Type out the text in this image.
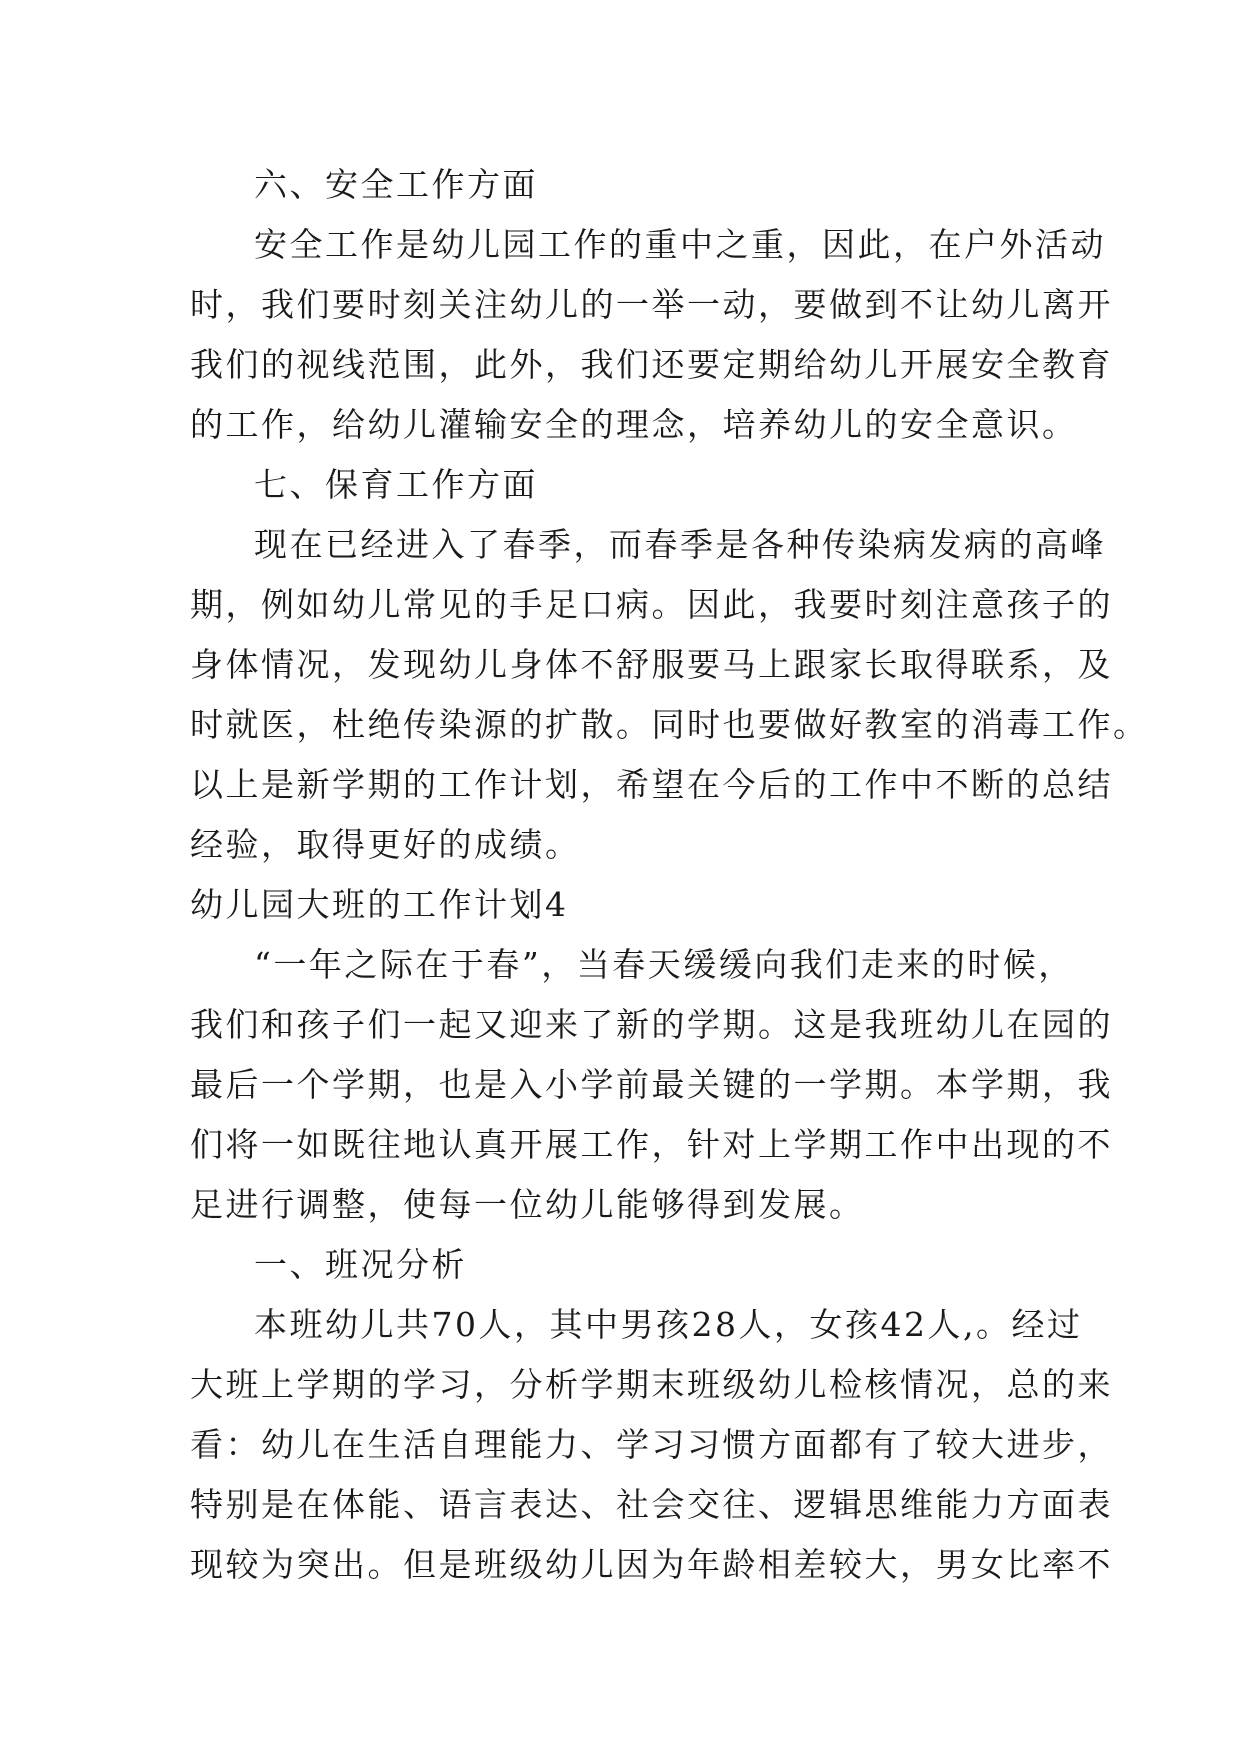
六、安全工作方面
安全工作是幼儿园工作的重中之重，因此，在户外活动
时，我们要时刻关注幼儿的一举一动，要做到不让幼儿离开
我们的视线范围，此外，我们还要定期给幼儿开展安全教育
的工作，给幼儿灌输安全的理念，培养幼儿的安全意识。
七、保育工作方面
现在已经进入了春季，而春季是各种传染病发病的高峰
期，例如幼儿常见的手足口病。因此，我要时刻注意孩子的
身体情况，发现幼儿身体不舒服要马上跟家长取得联系，及
时就医，杜绝传染源的扩散。同时也要做好教室的消毒工作。
以上是新学期的工作计划，希望在今后的工作中不断的总结
经验，取得更好的成绩。
幼儿园大班的工作计划4
“一年之际在于春”，当春天缓缓向我们走来的时候，
我们和孩子们一起又迎来了新的学期。这是我班幼儿在园的
最后一个学期，也是入小学前最关键的一学期。本学期，我
们将一如既往地认真开展工作，针对上学期工作中出现的不
足进行调整，使每一位幼儿能够得到发展。
一、班况分析
本班幼儿共70人，其中男孩28人，女孩42人,。经过
大班上学期的学习，分析学期末班级幼儿检核情况，总的来
看：幼儿在生活自理能力、学习习惯方面都有了较大进步，
特别是在体能、语言表达、社会交往、逻辑思维能力方面表
现较为突出。但是班级幼儿因为年龄相差较大，男女比率不
